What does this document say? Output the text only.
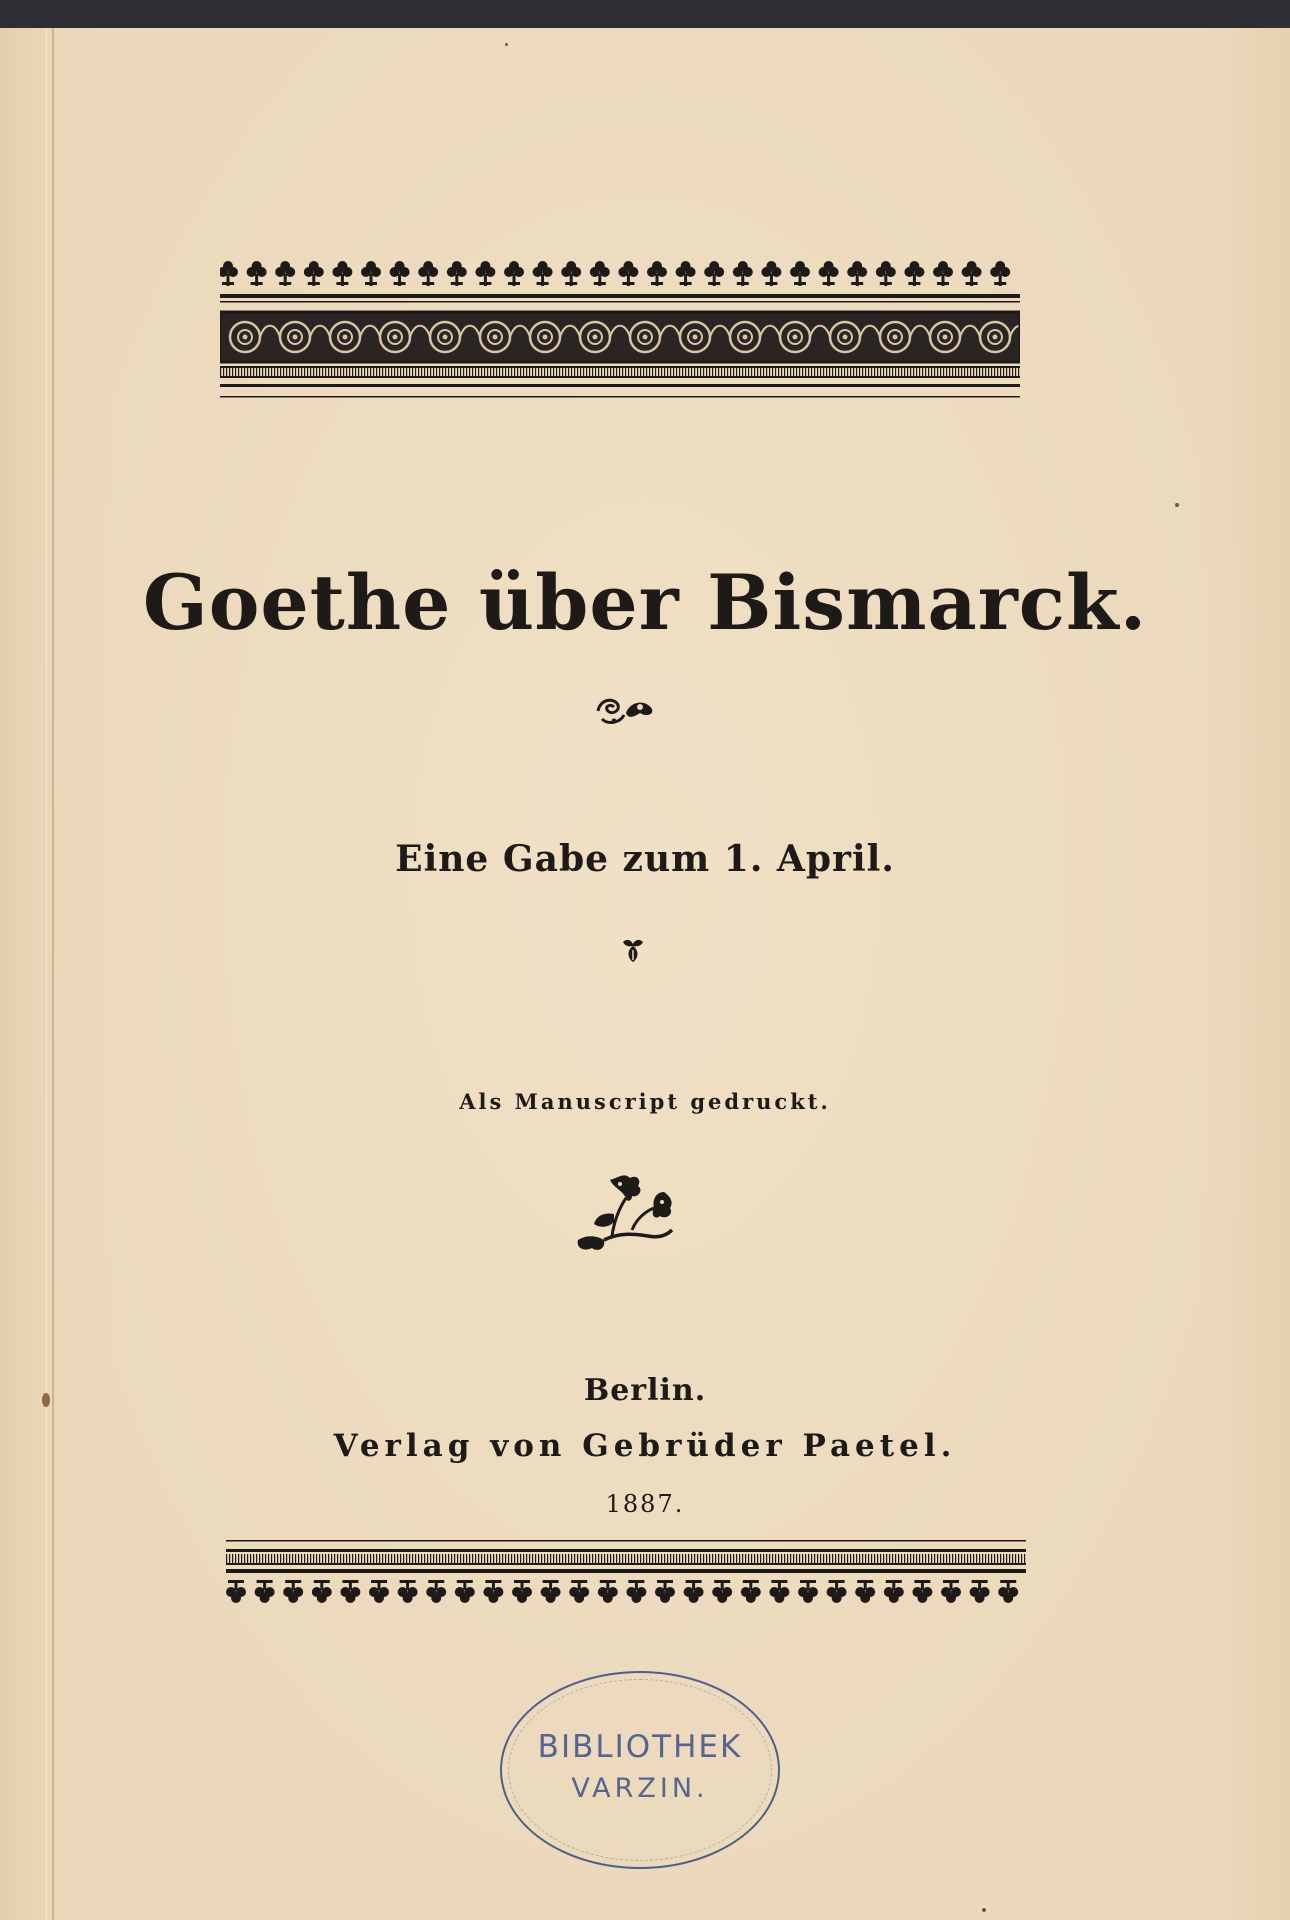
Goethe über Bismarck.
Eine Gabe zum 1. April.
Als Manuscript gedruckt.
Berlin.
Verlag von Gebrüder Paetel.
1887.
BIBLIOTHEK
VARZIN.
